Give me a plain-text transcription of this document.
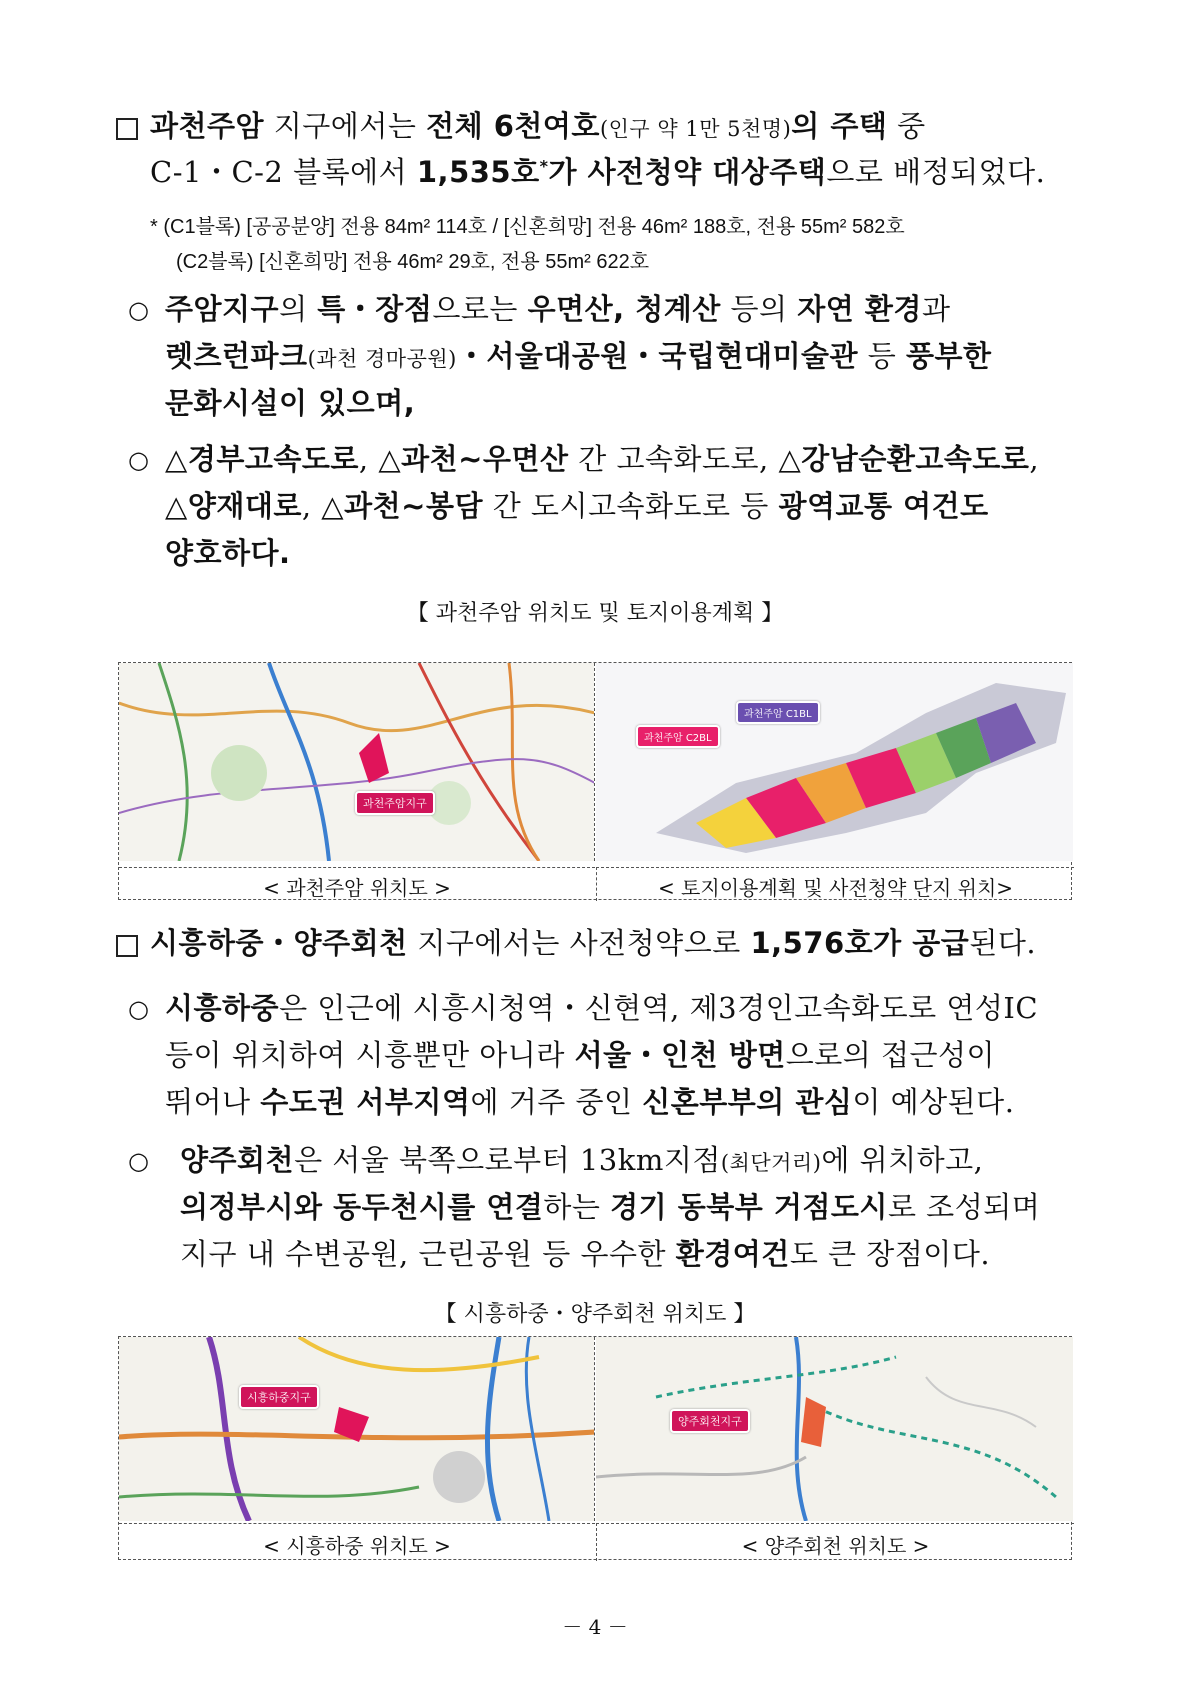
과천주암 지구에서는 전체 6천여호(인구 약 1만 5천명)의 주택 중
C-1・C-2 블록에서 1,535호*가 사전청약 대상주택으로 배정되었다.
* (C1블록) [공공분양] 전용 84m² 114호 / [신혼희망] 전용 46m² 188호, 전용 55m² 582호
(C2블록) [신혼희망] 전용 46m² 29호, 전용 55m² 622호
○ 주암지구의 특・장점으로는 우면산, 청계산 등의 자연 환경과
렛츠런파크(과천 경마공원)・서울대공원・국립현대미술관 등 풍부한
문화시설이 있으며,
○ △경부고속도로, △과천~우면산 간 고속화도로, △강남순환고속도로,
△양재대로, △과천~봉담 간 도시고속화도로 등 광역교통 여건도
양호하다.
【 과천주암 위치도 및 토지이용계획 】
과천주암지구
과천주암 C1BL
과천주암 C2BL
< 과천주암 위치도 >	< 토지이용계획 및 사전청약 단지 위치>
시흥하중・양주회천 지구에서는 사전청약으로 1,576호가 공급된다.
○ 시흥하중은 인근에 시흥시청역・신현역, 제3경인고속화도로 연성IC
등이 위치하여 시흥뿐만 아니라 서울・인천 방면으로의 접근성이
뛰어나 수도권 서부지역에 거주 중인 신혼부부의 관심이 예상된다.
○ 양주회천은 서울 북쪽으로부터 13km지점(최단거리)에 위치하고,
의정부시와 동두천시를 연결하는 경기 동북부 거점도시로 조성되며
지구 내 수변공원, 근린공원 등 우수한 환경여건도 큰 장점이다.
【 시흥하중・양주회천 위치도 】
시흥하중지구
양주회천지구
< 시흥하중 위치도 >	< 양주회천 위치도 >
－ 4 －
